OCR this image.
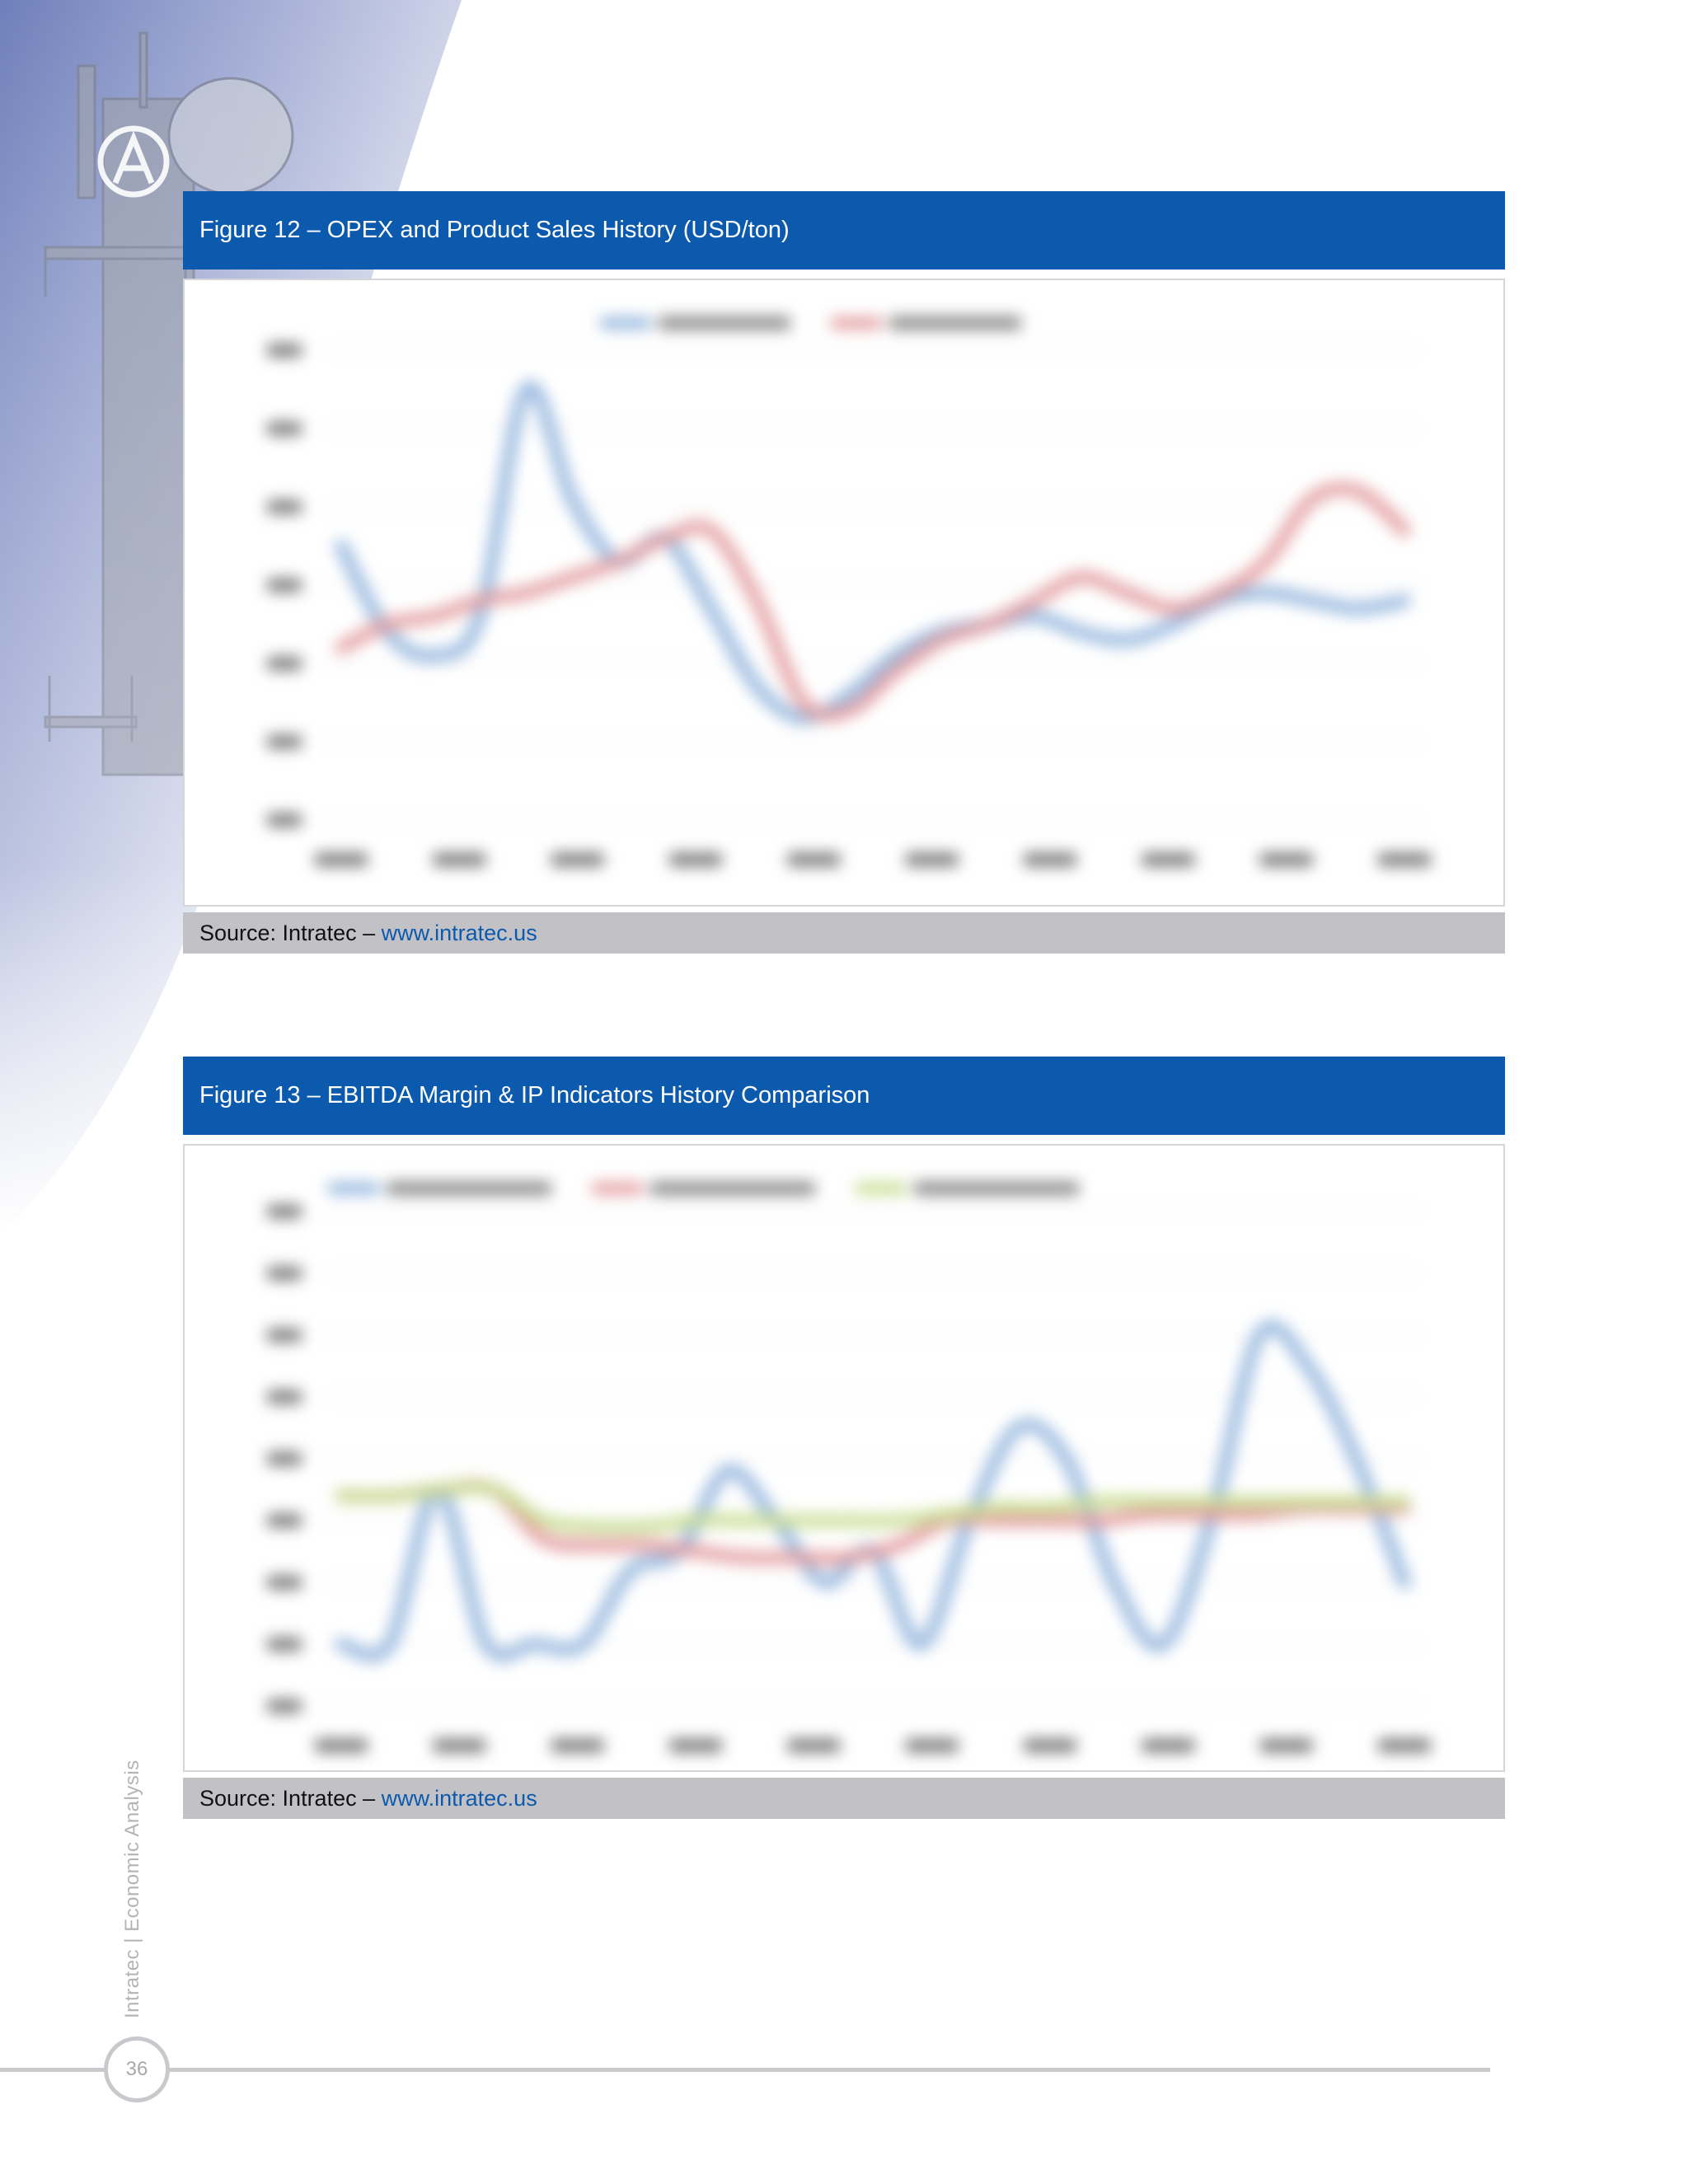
Figure 12 – OPEX and Product Sales History (USD/ton)
Source: Intratec – www.intratec.us
Figure 13 – EBITDA Margin & IP Indicators History Comparison
Source: Intratec – www.intratec.us
Intratec | Economic Analysis
36
